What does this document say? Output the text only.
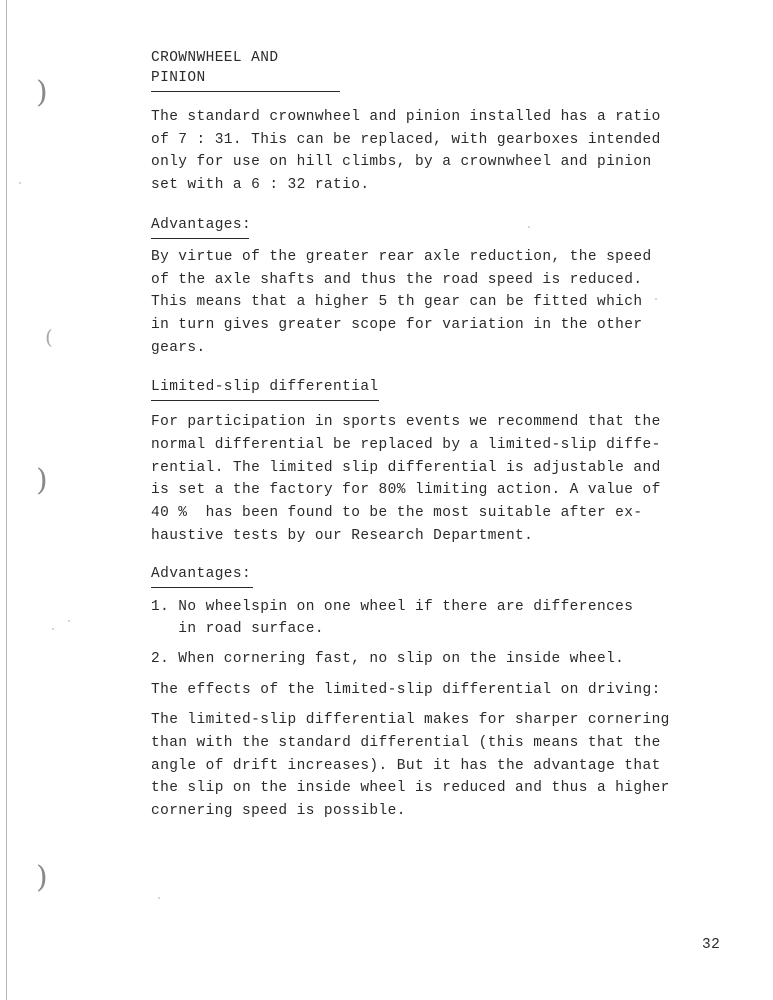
)
(
)
)
CROWNWHEEL AND PINION

The standard crownwheel and pinion installed has a ratio

of 7 : 31. This can be replaced, with gearboxes intended

only for use on hill climbs, by a crownwheel and pinion

set with a 6 : 32 ratio.

Advantages:

By virtue of the greater rear axle reduction, the speed

of the axle shafts and thus the road speed is reduced.

This means that a higher 5 th gear can be fitted which

in turn gives greater scope for variation in the other

gears.

Limited-slip differential

For participation in sports events we recommend that the

normal differential be replaced by a limited-slip diffe-

rential. The limited slip differential is adjustable and

is set a the factory for 80% limiting action. A value of

40 %  has been found to be the most suitable after ex-

haustive tests by our Research Department.

Advantages:

1. No wheelspin on one wheel if there are differences

in road surface.

2. When cornering fast, no slip on the inside wheel.

The effects of the limited-slip differential on driving:

The limited-slip differential makes for sharper cornering

than with the standard differential (this means that the

angle of drift increases). But it has the advantage that

the slip on the inside wheel is reduced and thus a higher

cornering speed is possible.

32
